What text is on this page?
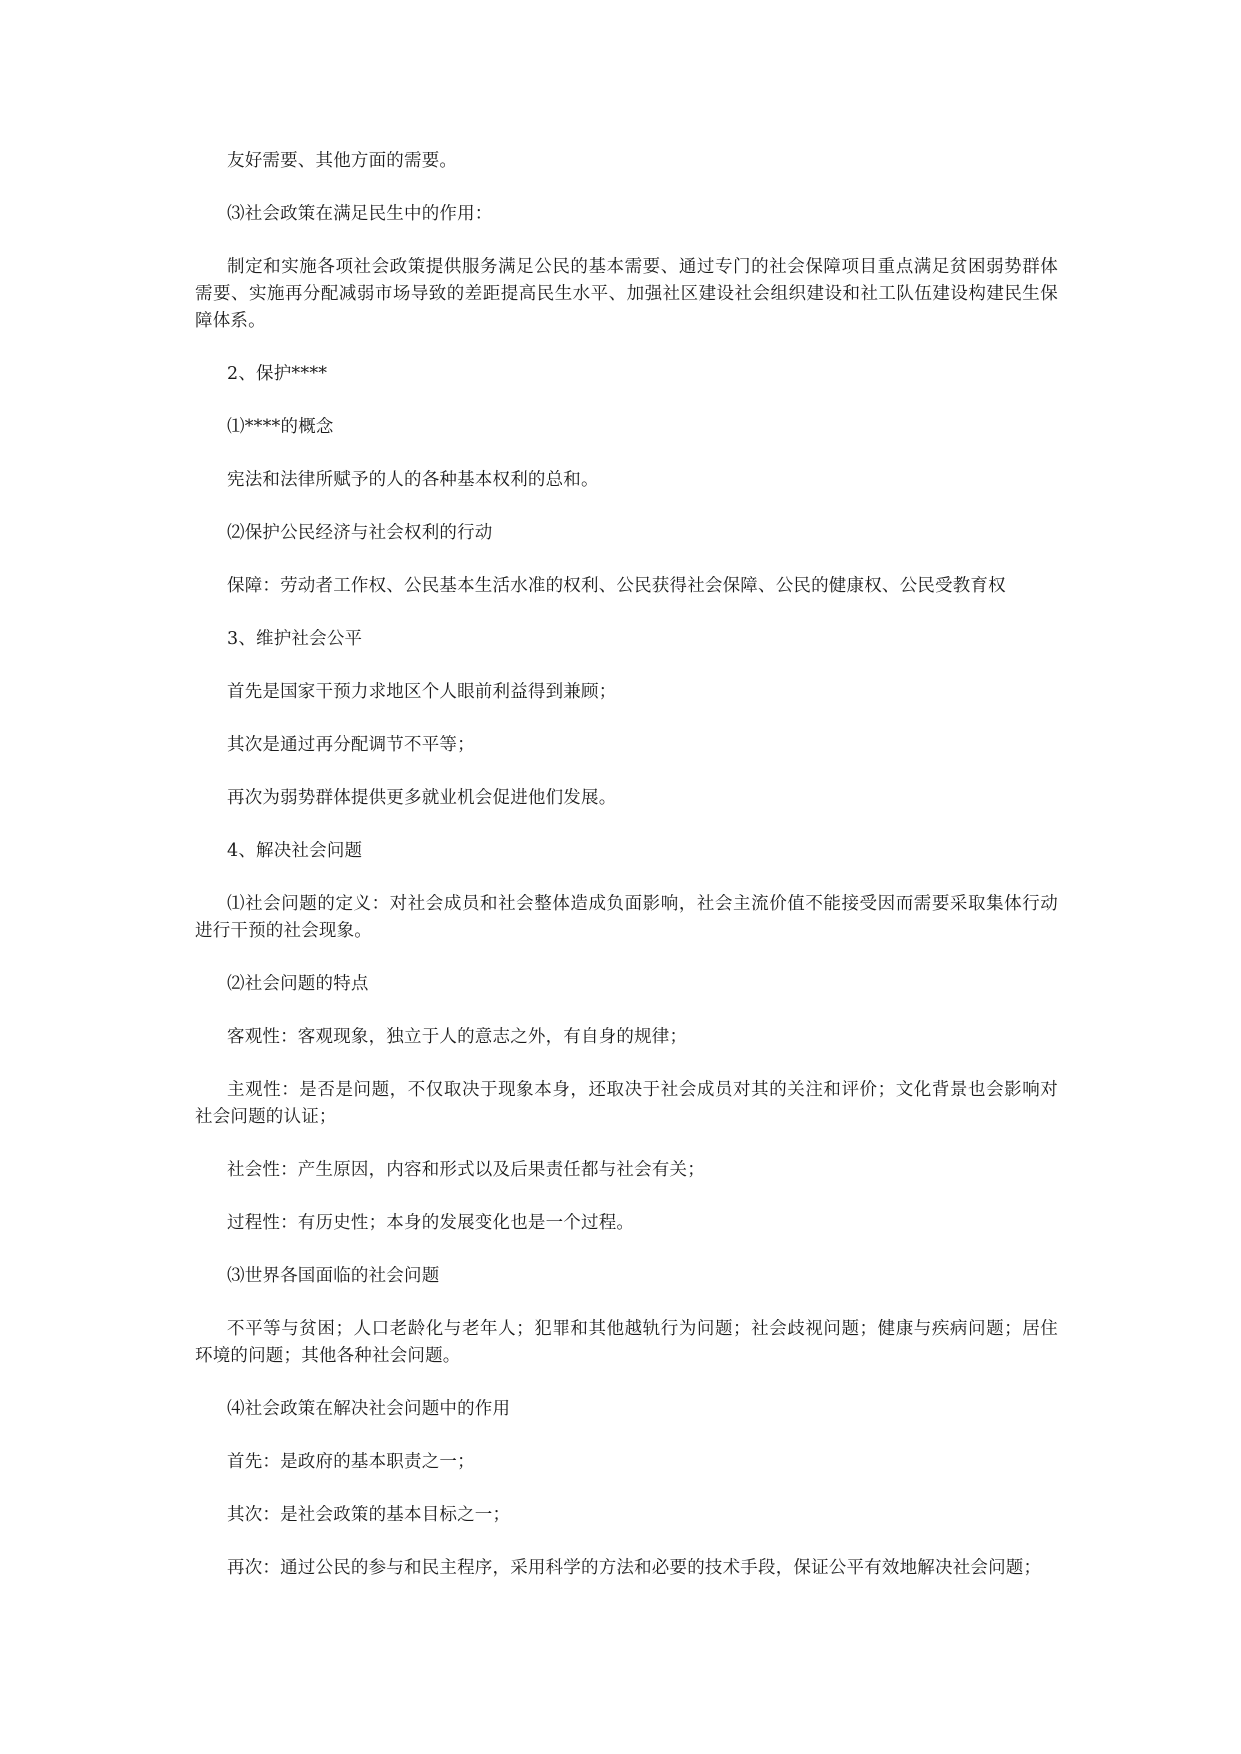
友好需要、其他方面的需要。

⑶社会政策在满足民生中的作用：

制定和实施各项社会政策提供服务满足公民的基本需要、通过专门的社会保障项目重点满足贫困弱势群体需要、实施再分配减弱市场导致的差距提高民生水平、加强社区建设社会组织建设和社工队伍建设构建民生保障体系。

2、保护****

⑴****的概念

宪法和法律所赋予的人的各种基本权利的总和。

⑵保护公民经济与社会权利的行动

保障：劳动者工作权、公民基本生活水准的权利、公民获得社会保障、公民的健康权、公民受教育权

3、维护社会公平

首先是国家干预力求地区个人眼前利益得到兼顾；

其次是通过再分配调节不平等；

再次为弱势群体提供更多就业机会促进他们发展。

4、解决社会问题

⑴社会问题的定义：对社会成员和社会整体造成负面影响，社会主流价值不能接受因而需要采取集体行动进行干预的社会现象。

⑵社会问题的特点

客观性：客观现象，独立于人的意志之外，有自身的规律；

主观性：是否是问题，不仅取决于现象本身，还取决于社会成员对其的关注和评价；文化背景也会影响对社会问题的认证；

社会性：产生原因，内容和形式以及后果责任都与社会有关；

过程性：有历史性；本身的发展变化也是一个过程。

⑶世界各国面临的社会问题

不平等与贫困；人口老龄化与老年人；犯罪和其他越轨行为问题；社会歧视问题；健康与疾病问题；居住环境的问题；其他各种社会问题。

⑷社会政策在解决社会问题中的作用

首先：是政府的基本职责之一；

其次：是社会政策的基本目标之一；

再次：通过公民的参与和民主程序，采用科学的方法和必要的技术手段，保证公平有效地解决社会问题；
